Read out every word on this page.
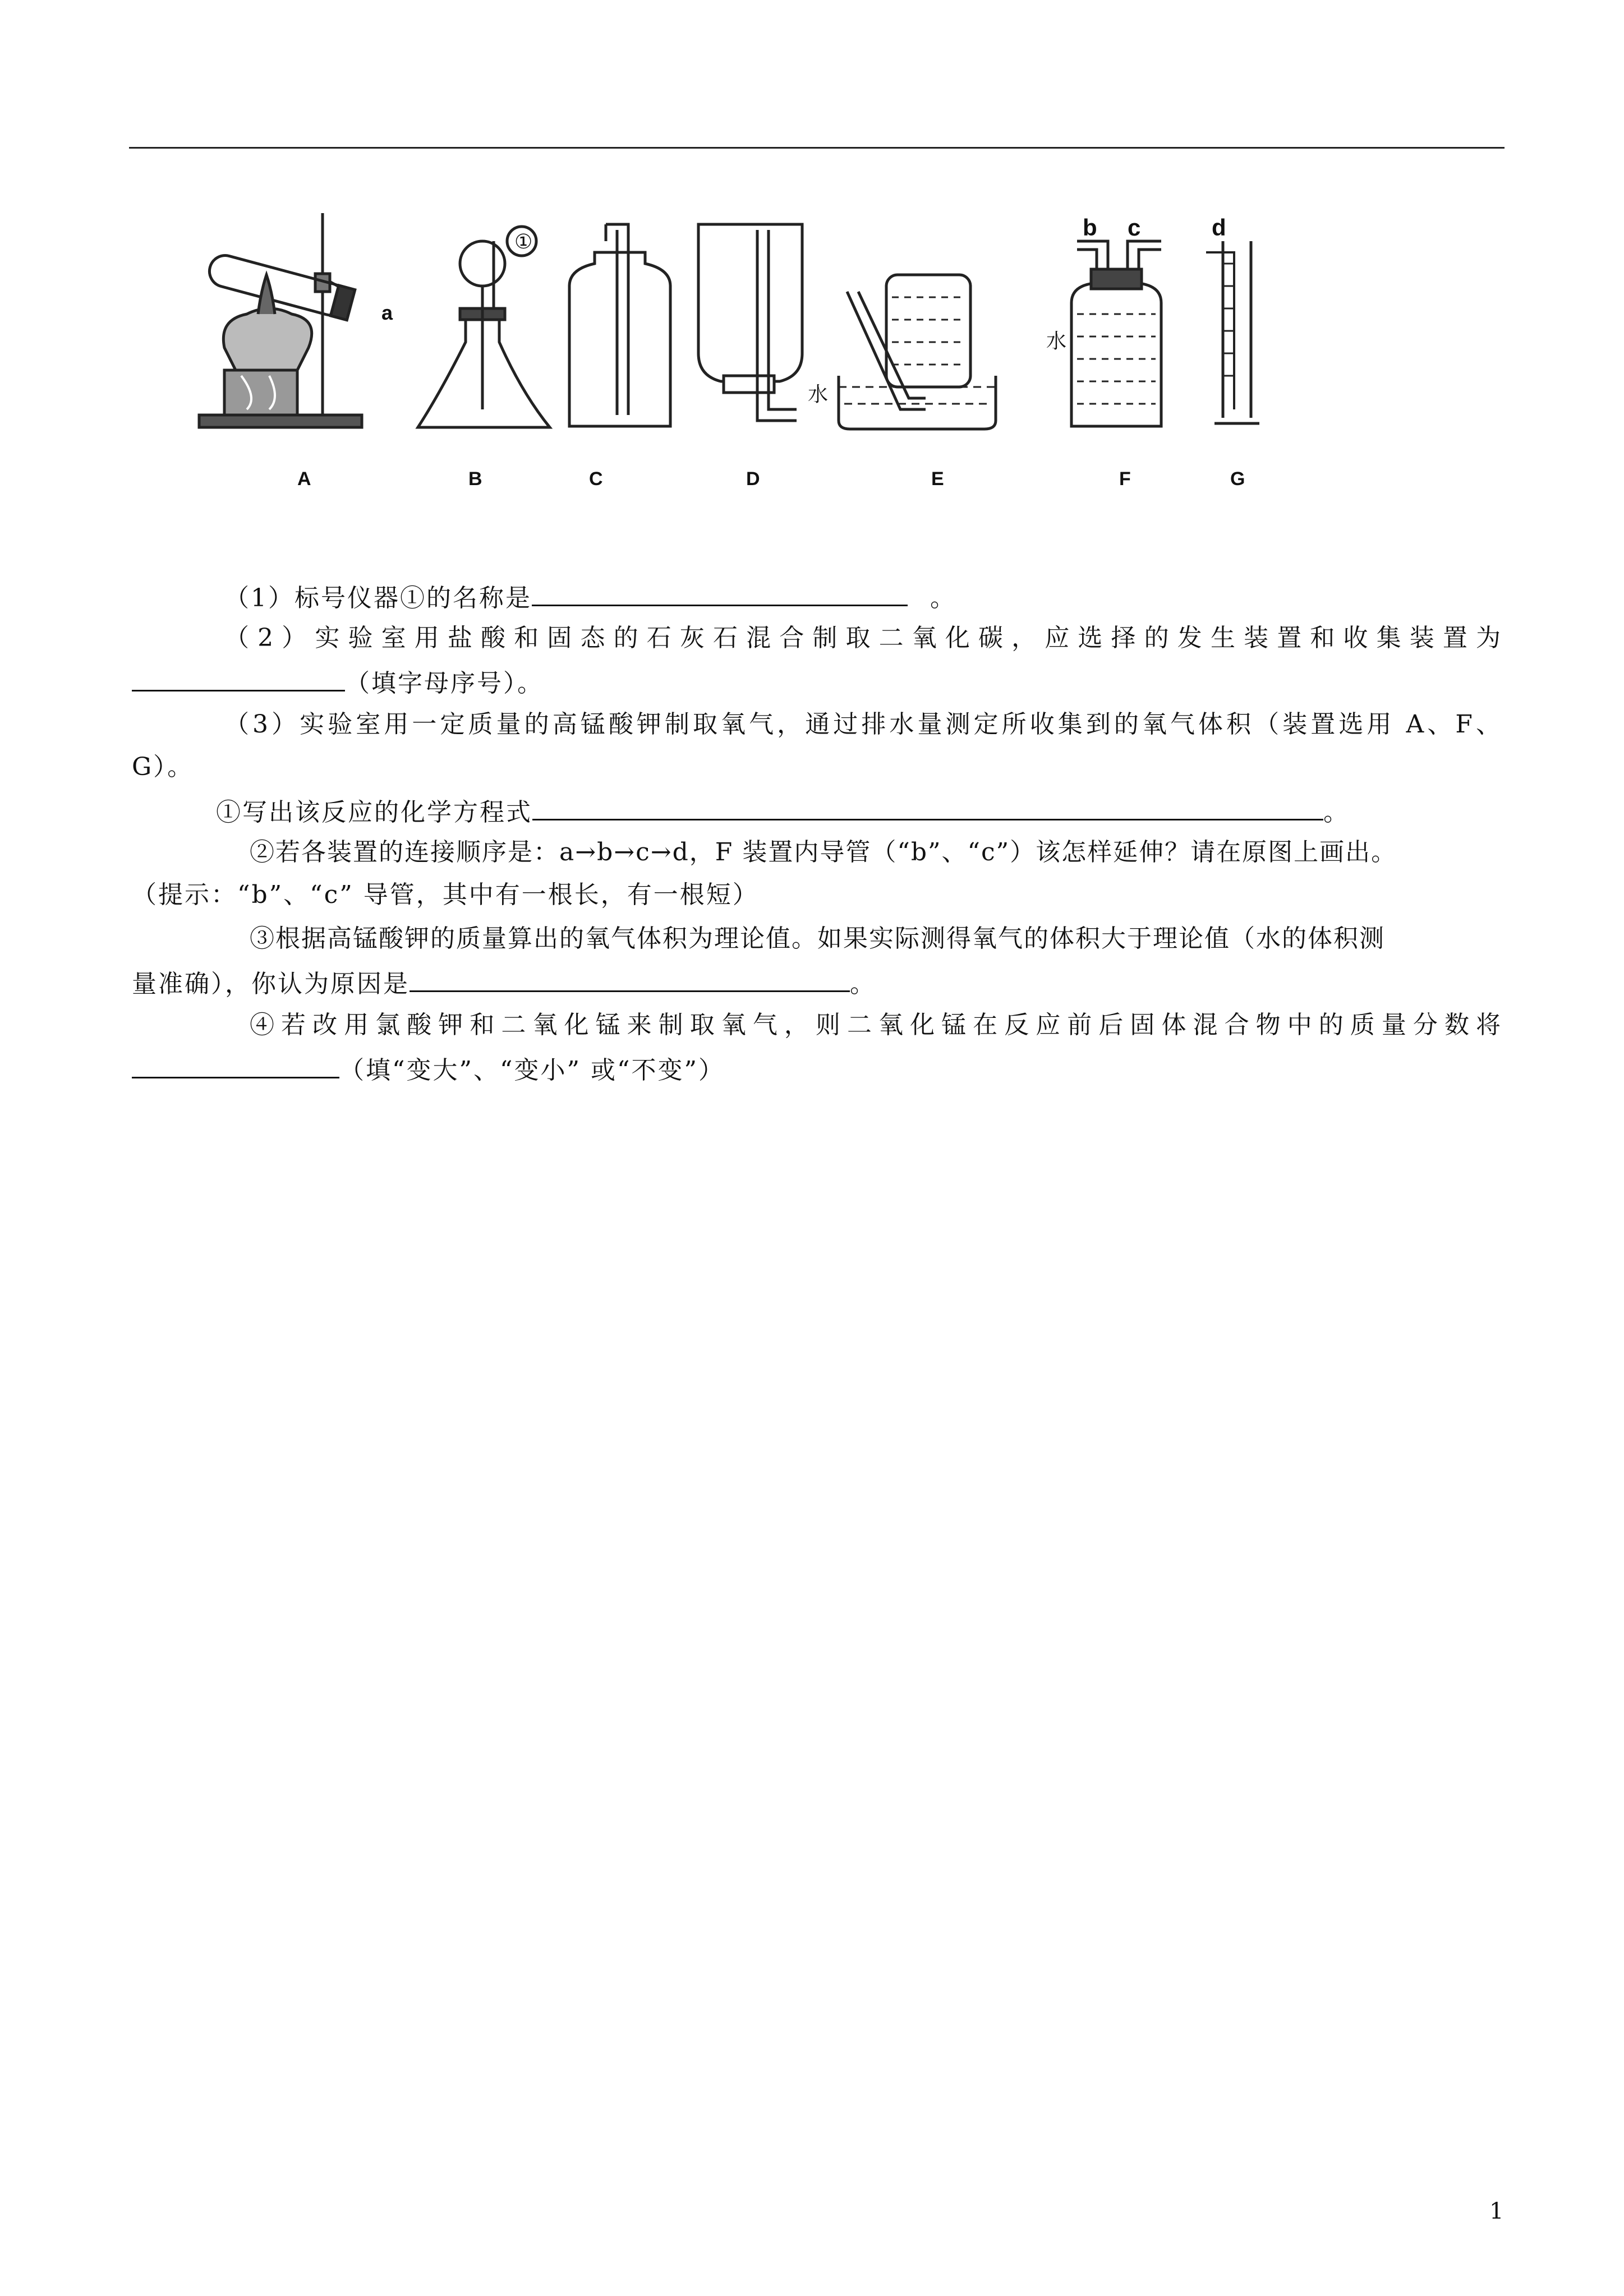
a
A
①
B	C	D
水
E
b c
水
F
d
G
（1）标号仪器①的名称是	。
（2）实验室用盐酸和固态的石灰石混合制取二氧化碳，应选择的发生装置和收集装置为
（填字母序号）。
（3）实验室用一定质量的高锰酸钾制取氧气，通过排水量测定所收集到的氧气体积（装置选用 A、F、
G）。
①写出该反应的化学方程式	。
②若各装置的连接顺序是：a→b→c→d，F 装置内导管（“b”、“c”）该怎样延伸？请在原图上画出。
（提示：“b”、“c” 导管，其中有一根长，有一根短）
③根据高锰酸钾的质量算出的氧气体积为理论值。如果实际测得氧气的体积大于理论值（水的体积测
量准确），你认为原因是	。
④若改用氯酸钾和二氧化锰来制取氧气，则二氧化锰在反应前后固体混合物中的质量分数将
（填“变大”、“变小” 或“不变”）
1
